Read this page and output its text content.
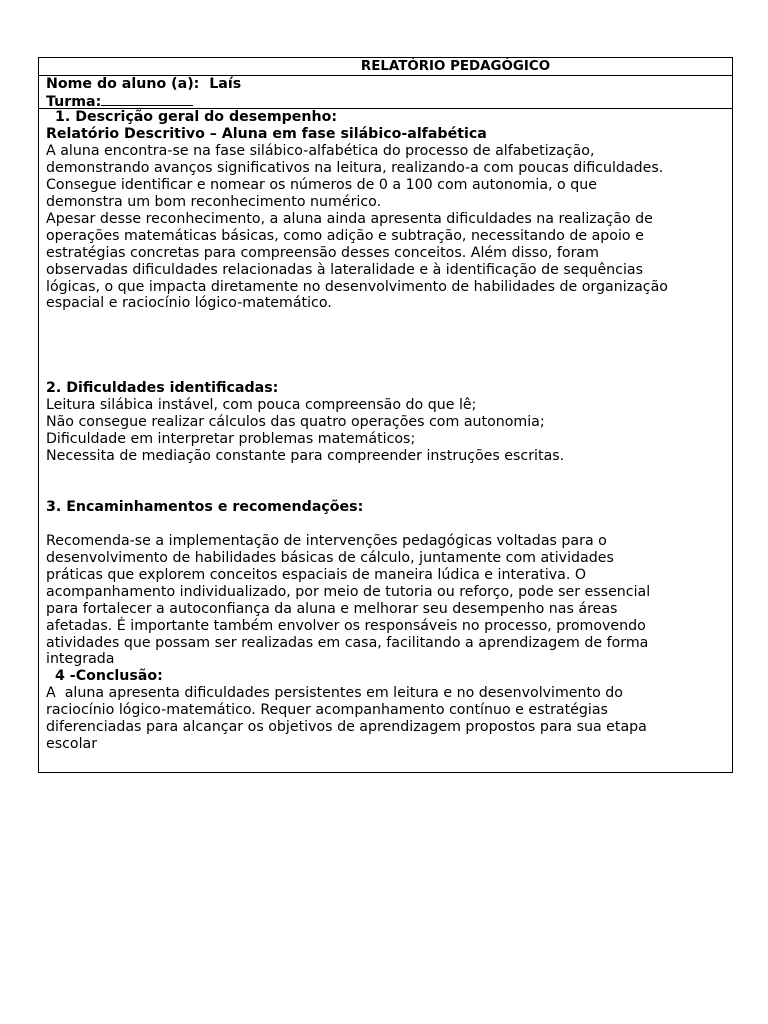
RELATÓRIO PEDAGÓGICO
Nome do aluno (a): Laís
Turma:
1. Descrição geral do desempenho:
Relatório Descritivo – Aluna em fase silábico-alfabética
A aluna encontra-se na fase silábico-alfabética do processo de alfabetização,
demonstrando avanços significativos na leitura, realizando-a com poucas dificuldades.
Consegue identificar e nomear os números de 0 a 100 com autonomia, o que
demonstra um bom reconhecimento numérico.
Apesar desse reconhecimento, a aluna ainda apresenta dificuldades na realização de
operações matemáticas básicas, como adição e subtração, necessitando de apoio e
estratégias concretas para compreensão desses conceitos. Além disso, foram
observadas dificuldades relacionadas à lateralidade e à identificação de sequências
lógicas, o que impacta diretamente no desenvolvimento de habilidades de organização
espacial e raciocínio lógico-matemático.
2. Dificuldades identificadas:
Leitura silábica instável, com pouca compreensão do que lê;
Não consegue realizar cálculos das quatro operações com autonomia;
Dificuldade em interpretar problemas matemáticos;
Necessita de mediação constante para compreender instruções escritas.
3. Encaminhamentos e recomendações:
Recomenda-se a implementação de intervenções pedagógicas voltadas para o
desenvolvimento de habilidades básicas de cálculo, juntamente com atividades
práticas que explorem conceitos espaciais de maneira lúdica e interativa. O
acompanhamento individualizado, por meio de tutoria ou reforço, pode ser essencial
para fortalecer a autoconfiança da aluna e melhorar seu desempenho nas áreas
afetadas. É importante também envolver os responsáveis no processo, promovendo
atividades que possam ser realizadas em casa, facilitando a aprendizagem de forma
integrada
4 -Conclusão:
A  aluna apresenta dificuldades persistentes em leitura e no desenvolvimento do
raciocínio lógico-matemático. Requer acompanhamento contínuo e estratégias
diferenciadas para alcançar os objetivos de aprendizagem propostos para sua etapa
escolar
